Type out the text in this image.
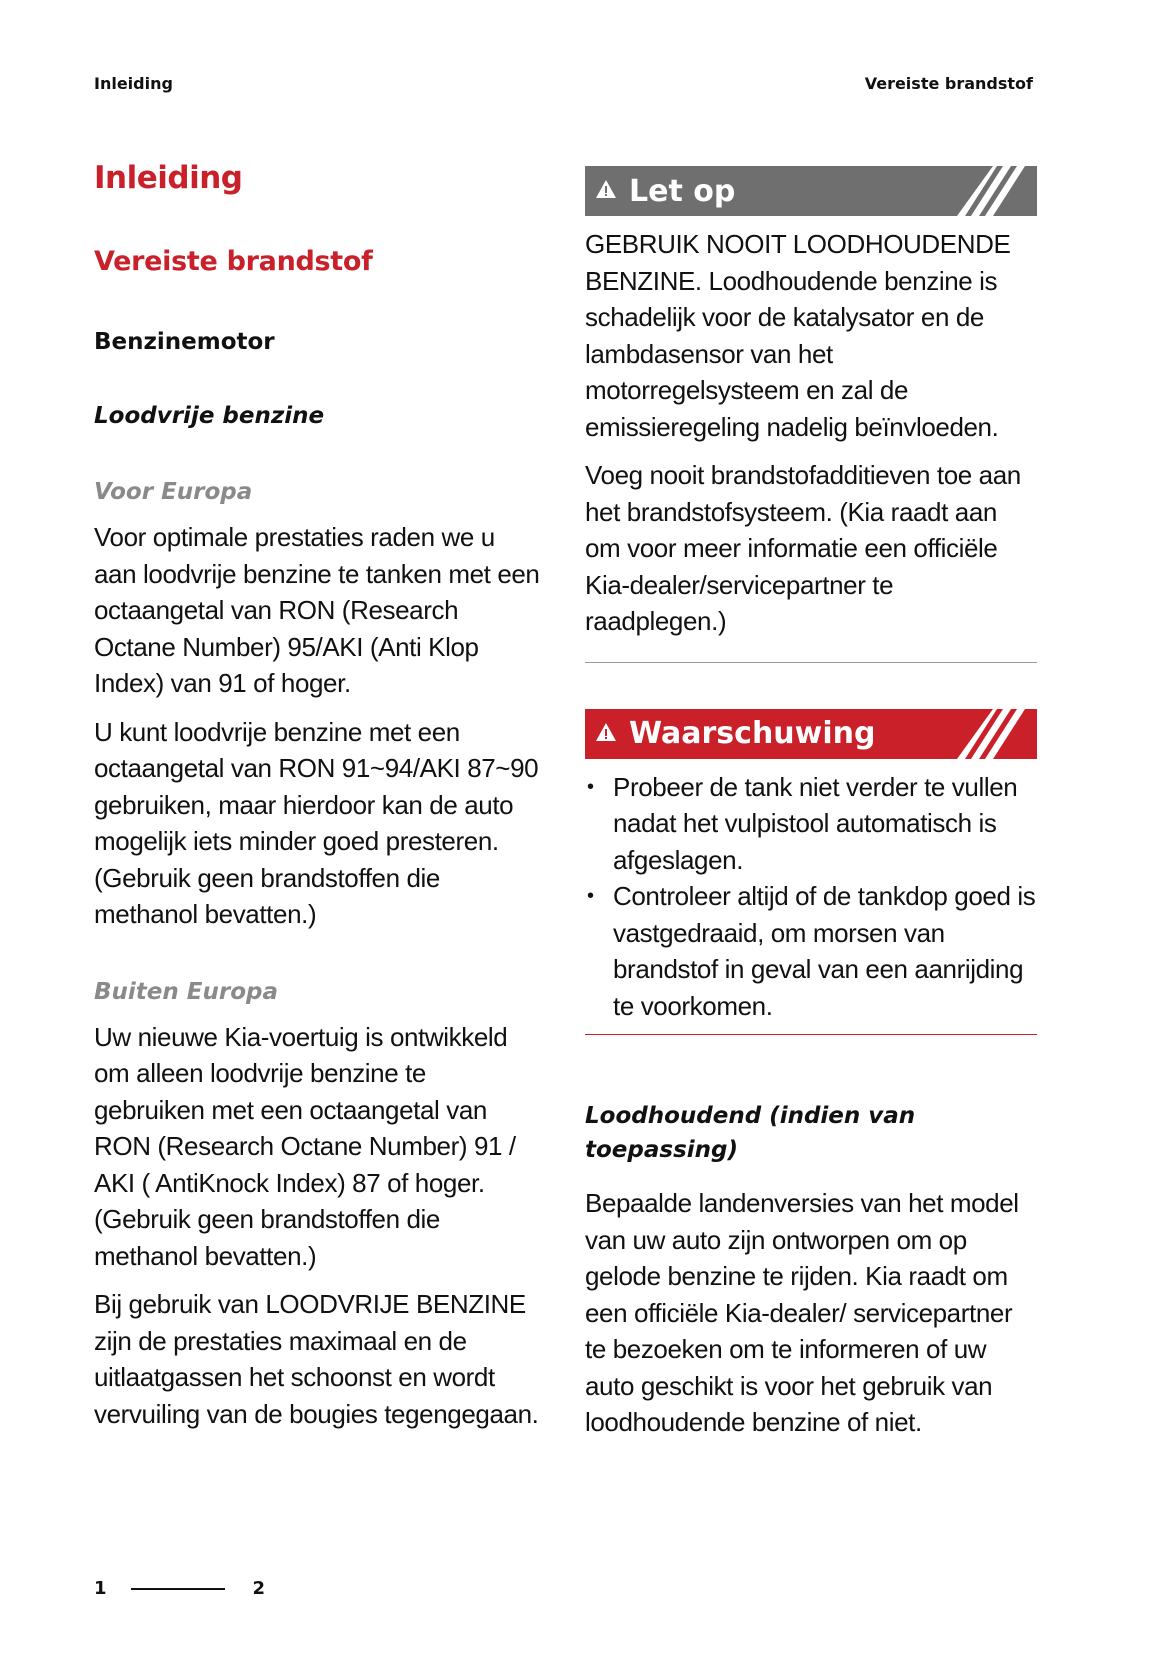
Inleiding	Vereiste brandstof
Inleiding
Vereiste brandstof
Benzinemotor
Loodvrije benzine
Voor Europa

Voor optimale prestaties raden we u aan loodvrije benzine te tanken met een octaangetal van RON (Research Octane Number) 95/AKI (Anti Klop Index) van 91 of hoger.

U kunt loodvrije benzine met een octaangetal van RON 91~94/AKI 87~90 gebruiken, maar hierdoor kan de auto mogelijk iets minder goed presteren. (Gebruik geen brandstoffen die methanol bevatten.)

Buiten Europa

Uw nieuwe Kia-voertuig is ontwikkeld om alleen loodvrije benzine te gebruiken met een octaangetal van RON (Research Octane Number) 91 / AKI ( AntiKnock Index) 87 of hoger. (Gebruik geen brandstoffen die methanol bevatten.)

Bij gebruik van LOODVRIJE BENZINE zijn de prestaties maximaal en de uitlaatgassen het schoonst en wordt vervuiling van de bougies tegengegaan.

Let op

GEBRUIK NOOIT LOODHOUDENDE BENZINE. Loodhoudende benzine is schadelijk voor de katalysator en de lambdasensor van het motorregelsysteem en zal de emissieregeling nadelig beïnvloeden.

Voeg nooit brandstofadditieven toe aan het brandstofsysteem. (Kia raadt aan om voor meer informatie een officiële Kia-dealer/servicepartner te raadplegen.)

Waarschuwing
• Probeer de tank niet verder te vullen nadat het vulpistool automatisch is afgeslagen.
• Controleer altijd of de tankdop goed is vastgedraaid, om morsen van brandstof in geval van een aanrijding te voorkomen.
Loodhoudend (indien van toepassing)

Bepaalde landenversies van het model van uw auto zijn ontworpen om op gelode benzine te rijden. Kia raadt om een officiële Kia-dealer/ servicepartner te bezoeken om te informeren of uw auto geschikt is voor het gebruik van loodhoudende benzine of niet.

1	2
